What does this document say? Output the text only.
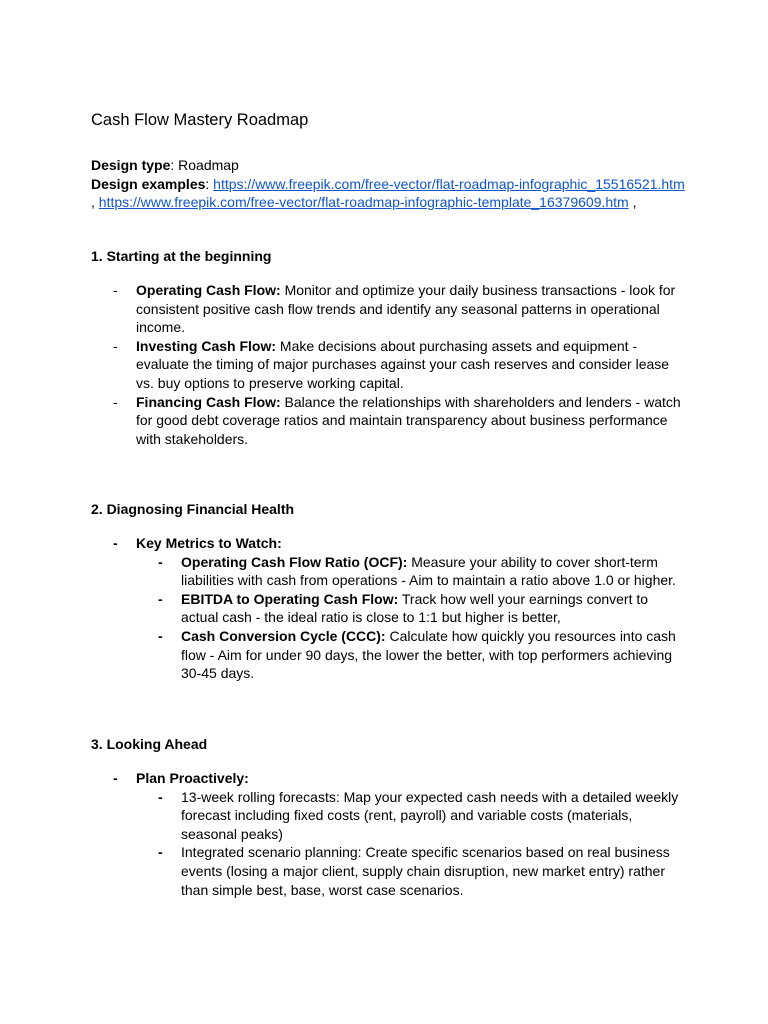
Cash Flow Mastery Roadmap

Design type: Roadmap

Design examples: https://www.freepik.com/free-vector/flat-roadmap-infographic_15516521.htm

, https://www.freepik.com/free-vector/flat-roadmap-infographic-template_16379609.htm ,

1. Starting at the beginning

- Operating Cash Flow: Monitor and optimize your daily business transactions - look for consistent positive cash flow trends and identify any seasonal patterns in operational income.
- Investing Cash Flow: Make decisions about purchasing assets and equipment - evaluate the timing of major purchases against your cash reserves and consider lease vs. buy options to preserve working capital.
- Financing Cash Flow: Balance the relationships with shareholders and lenders - watch for good debt coverage ratios and maintain transparency about business performance with stakeholders.

2. Diagnosing Financial Health

- Key Metrics to Watch:
- Operating Cash Flow Ratio (OCF): Measure your ability to cover short-term liabilities with cash from operations - Aim to maintain a ratio above 1.0 or higher.
- EBITDA to Operating Cash Flow: Track how well your earnings convert to actual cash - the ideal ratio is close to 1:1 but higher is better,
- Cash Conversion Cycle (CCC): Calculate how quickly you resources into cash flow - Aim for under 90 days, the lower the better, with top performers achieving 30-45 days.

3. Looking Ahead

- Plan Proactively:
- 13-week rolling forecasts: Map your expected cash needs with a detailed weekly forecast including fixed costs (rent, payroll) and variable costs (materials, seasonal peaks)
- Integrated scenario planning: Create specific scenarios based on real business events (losing a major client, supply chain disruption, new market entry) rather than simple best, base, worst case scenarios.
